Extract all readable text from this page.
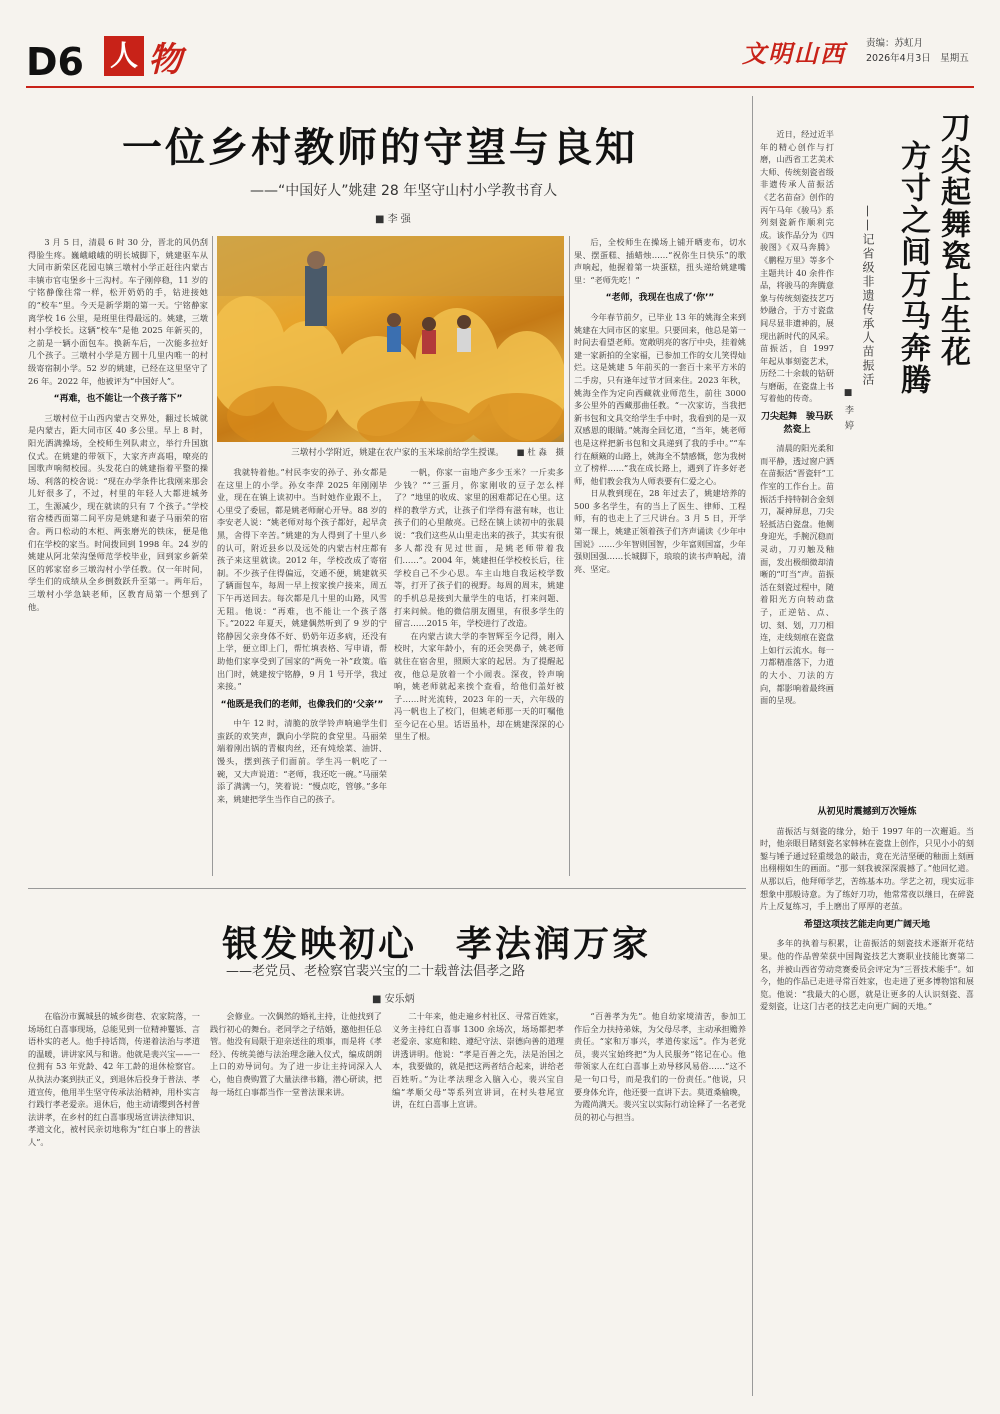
D6 人 物	文明山西 责编：苏虹月
2026年4月3日　星期五
一位乡村教师的守望与良知
——“中国好人”姚建 28 年坚守山村小学教书育人
■ 李 强
三墩村小学附近，姚建在农户家的玉米垛前给学生授课。　　■ 杜 淼　摄

3 月 5 日，清晨 6 时 30 分，晋北的风仍刮得脸生疼。巍峨峨峨的明长城脚下，姚建驱车从大同市新荣区花园屯镇三墩村小学正赶往内蒙古丰镇市官屯堡乡十三沟村。车子刚停稳，11 岁的宁铭静像往常一样，松开奶奶的手，钻进接她的“校车”里。今天是新学期的第一天。宁铭静家离学校 16 公里，是班里住得最远的。姚建，三墩村小学校长。这辆“校车”是他 2025 年新买的，之前是一辆小面包车。换新车后，一次能多拉好几个孩子。三墩村小学是方圆十几里内唯一的村级寄宿制小学。52 岁的姚建，已经在这里坚守了 26 年。2022 年，他被评为“中国好人”。

“再难，也不能让一个孩子落下”

三墩村位于山西内蒙古交界处，翻过长城就是内蒙古，距大同市区 40 多公里。早上 8 时，阳光洒满操场，全校师生列队肃立，举行升国旗仪式。在姚建的带领下，大家齐声高唱，嘹亮的国歌声响彻校园。头发花白的姚建指着平整的操场、利落的校舍说：“现在办学条件比我刚来那会儿好很多了，不过，村里的年轻人大都进城务工，生源减少，现在就读的只有 7 个孩子。”学校宿舍楼西面第二间平房是姚建和妻子马丽荣的宿舍。两口松动的木柜、两张磨光的铁床，便是他们在学校的家当。时间拨回到 1998 年。24 岁的姚建从阿北荣沟堡师范学校毕业，回到家乡新荣区的郭家窑乡三墩沟村小学任教。仅一年时间，学生们的成绩从全乡倒数跃升至第一。两年后，三墩村小学急缺老师，区教育局第一个想到了他。

我就特着他。”村民李安的孙子、孙女都是在这里上的小学。孙女李萍 2025 年刚刚毕业，现在在镇上读初中。当时她作业跟不上，心里受了委屈，都是姚老师耐心开导。88 岁的李安老人说：“姚老师对每个孩子都好，起早贪黑，舍得下辛苦。”姚建的为人得到了十里八乡的认可，附近县乡以及远处的内蒙古村庄都有孩子来这里就读。2012 年，学校改成了寄宿制。不少孩子住得偏远，交通不便，姚建就买了辆面包车，每周一早上按家挨户接来，周五下午再送回去。每次都是几十里的山路，风雪无阻。他说：“再难，也不能让一个孩子落下。”2022 年夏天，姚建偶然听到了 9 岁的宁铭静因父亲身体不好、奶奶年迈多病，还没有上学，便立即上门，帮忙填表格、写申请，帮助他们家享受到了国家的“两免一补”政策。临出门时，姚建按宁铭静，9 月 1 号开学，我过来接。”

“他既是我们的老师，也像我们的‘父亲’”

中午 12 时，清脆的放学铃声响遍学生们蛮跃的欢笑声，飘向小学院的食堂里。马丽荣端着刚出锅的青椒肉丝，还有炖烩菜、油饼、馒头，摆到孩子们面前。学生冯一帆吃了一碗，又大声说道：“老师，我还吃一碗。”马丽荣添了满满一勺，笑着说：“慢点吃，管够。”多年来，姚建把学生当作自己的孩子。

一帆，你家一亩地产多少玉米？一斤卖多少钱？”“三蛋月，你家刚收的豆子怎么样了？”地里的收成、家里的困难都记在心里。这样的教学方式，让孩子们学得有滋有味，也让孩子们的心里敞亮。已经在镇上读初中的张晨说：“我们这些从山里走出来的孩子，其实有很多人都没有见过世面，是姚老师带着我们……”。2004 年，姚建担任学校校长后，往学校自己不少心思。车主山地自我运校学数等，打开了孩子们的视野。每周的周末，姚建的手机总是接到大量学生的电话，打来问题、打来问候。他的微信朋友圈里，有很多学生的留言……2015 年，学校进行了改造。

在内蒙古读大学的李智辉至今记得，刚入校时，大家年龄小，有的还会哭鼻子，姚老师就住在宿舍里，照顾大家的起居。为了提醒起夜，他总是放着一个小闹表。深夜，铃声响响，姚老师就起来挨个查看，给他们盖好被子……时光流转，2023 年的一天，六年级的冯一帆也上了校门，但姚老师那一天的叮嘱他至今记在心里。话语虽朴，却在姚建深深的心里生了根。

后，全校师生在操场上铺开晒麦布，切水果、摆蛋糕、插蜡烛……“祝你生日快乐”的歌声响起，他握着第一块蛋糕，扭头递给姚建嘴里：“老师先吃！”

“老师，我现在也成了‘你’”

今年春节前夕，已毕业 13 年的姚海全来到姚建在大同市区的家里。只要回来，他总是第一时间去看望老师。宽敞明亮的客厅中央，挂着姚建一家新拍的全家福，已参加工作的女儿笑得灿烂。这是姚建 5 年前买的一套百十来平方米的二手房，只有逢年过节才回来住。2023 年秋，姚海全作为定向西藏就业师范生，前往 3000 多公里外的西藏那曲任教。“一次家访，当我把新书包和文具交给学生手中时，我看到的是一双双感恩的眼睛。”姚海全回忆道，“当年，姚老师也是这样把新书包和文具递到了我的手中。”“车行在颠簸的山路上，姚海全不禁感慨，您为我树立了榜样……”我在成长路上，遇到了许多好老师，他们教会我为人师表要有仁爱之心。

日从教到现在，28 年过去了，姚建培养的 500 多名学生，有的当上了医生、律师、工程师，有的也走上了三尺讲台。3 月 5 日，开学第一课上，姚建正领着孩子们齐声诵读《少年中国说》……少年智则国智，少年富则国富，少年强则国强……长城脚下，琅琅的读书声响起，清亮、坚定。

银发映初心　孝法润万家
——老党员、老检察官裴兴宝的二十载普法倡孝之路
■ 安乐炳

在临汾市翼城县的城乡街巷、农家院落，一场场红白喜事现场，总能见到一位精神矍铄、言语朴实的老人。他手持话筒，传递着法治与孝道的温暖，讲讲家风与和谐。他就是裴兴宝——一位拥有 53 年党龄、42 年工龄的退休检察官。从执法办案到扶正义，到退休后投身于普法、孝道宣传，他用半生坚守传承法治精神，用朴实言行践行孝老爱亲。退休后，他主动请缨到各村普法讲孝，在乡村的红白喜事现场宣讲法律知识、孝道文化，被村民亲切地称为“红白事上的普法人”。

会修业。一次偶然的婚礼主持，让他找到了践行初心的舞台。老同学之子结婚，邀他担任总管。他没有局限于迎亲送往的琐事，而是将《孝经》、传统美德与法治理念融入仪式，编成朗朗上口的劝导词句。为了进一步让主持词深入人心，他自费购置了大量法律书籍，潜心研读，把每一场红白事都当作一堂普法课来讲。

二十年来，他走遍乡村社区、寻常百姓家，义务主持红白喜事 1300 余场次，场场都把孝老爱亲、家庭和睦、遵纪守法、崇德向善的道理讲透讲明。他说：“孝是百善之先，法是治国之本，我要做的，就是把这两者结合起来，讲给老百姓听。”为让孝法理念入脑入心，裴兴宝自编“孝顺父母”等系列宣讲词，在村头巷尾宣讲，在红白喜事上宣讲。

“百善孝为先”。他自幼家境清苦，参加工作后全力扶持弟妹，为父母尽孝，主动承担赡养责任。“家和万事兴，孝道传家远”。作为老党员，裴兴宝始终把“为人民服务”铭记在心。他带领家人在红白喜事上劝导移风易俗……“这不是一句口号，而是我们的一份责任。”他说，只要身体允许，他还要一直讲下去。莫道桑榆晚，为霞尚满天。裴兴宝以实际行动诠释了一名老党员的初心与担当。

刀尖起舞瓷上生花
方寸之间万马奔腾
——记省级非遗传承人苗振活
■ 李 婷

近日，经过近半年的精心创作与打磨，山西省工艺美术大师、传统刻瓷省级非遗传承人苗振活《艺名苗奋》创作的丙午马年《骏马》系列刻瓷新作顺利完成。该作品分为《四骏图》《双马奔腾》《鹏程万里》等多个主题共计 40 余件作品，将骏马的奔腾意象与传统刻瓷技艺巧妙融合，于方寸瓷盘间尽显非遗神韵，展现出新时代的风采。苗振活，自 1997 年起从事刻瓷艺术，历经二十余载的钻研与磨砺，在瓷盘上书写着他的传奇。

刀尖起舞　骏马跃然瓷上

清晨的阳光柔和而平静，透过窗户洒在苗振活“晋瓷轩”工作室的工作台上。苗振活手持特制合金刻刀，凝神屏息，刀尖轻抵洁白瓷盘。他侧身迎光，手腕沉稳而灵动，刀刃触及釉面，发出极细微却清晰的“叮当”声。苗振活在刻瓷过程中，随着阳光方向转动盘子，正逆钻、点、切、刻、划，刀刀相连，走线刻痕在瓷盘上如行云流水。每一刀都精准落下，力道的大小、刀法的方向，都影响着最终画面的呈现。

从初见时震撼到万次锤炼

苗振活与刻瓷的缘分，始于 1997 年的一次邂逅。当时，他亲眼目睹刻瓷名家韩林在瓷盘上创作，只见小小的刻錾与锤子通过轻重缓急的敲击，竟在光洁坚硬的釉面上刻画出栩栩如生的画面。“那一刻我被深深震撼了。”他回忆道。从那以后，他拜师学艺，苦练基本功。学艺之初，现实远非想象中那般诗意。为了练好刀功，他常常夜以继日，在碎瓷片上反复练习，手上磨出了厚厚的老茧。

希望这项技艺能走向更广阔天地

多年的执着与积累，让苗振活的刻瓷技术逐渐开花结果。他的作品曾荣获中国陶瓷技艺大赛职业技能比赛第二名，并被山西省劳动竞赛委员会评定为“三晋技术能手”。如今，他的作品已走进寻常百姓家，也走进了更多博物馆和展览。他说：“我最大的心愿，就是让更多的人认识刻瓷、喜爱刻瓷，让这门古老的技艺走向更广阔的天地。”
